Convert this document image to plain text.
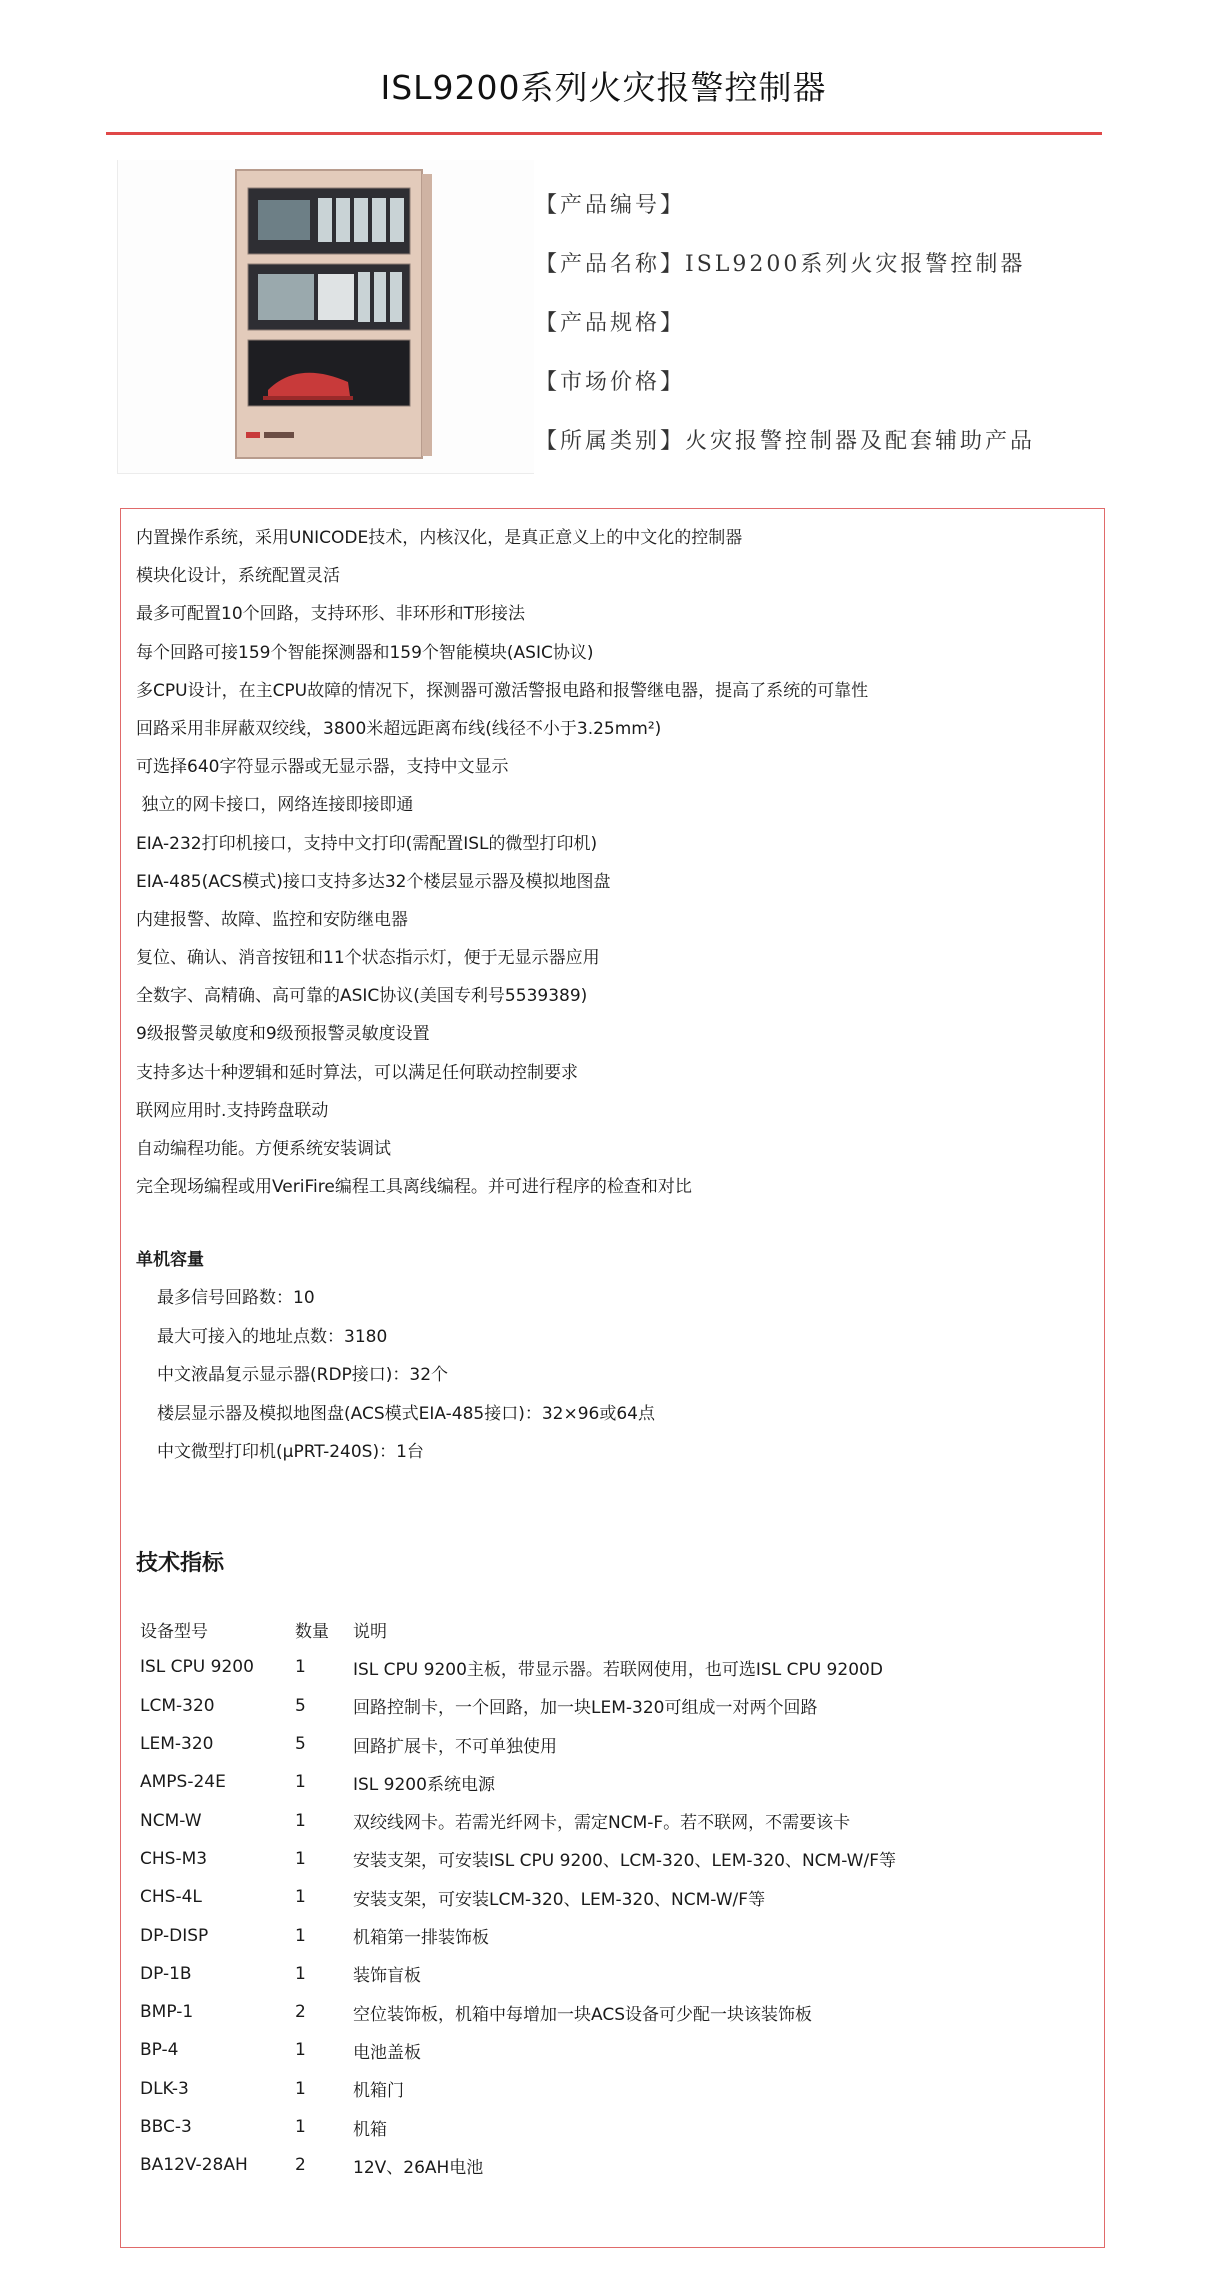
ISL9200系列火灾报警控制器
【产品编号】
【产品名称】ISL9200系列火灾报警控制器
【产品规格】
【市场价格】
【所属类别】火灾报警控制器及配套辅助产品
内置操作系统，采用UNICODE技术，内核汉化，是真正意义上的中文化的控制器
模块化设计，系统配置灵活
最多可配置10个回路，支持环形、非环形和T形接法
每个回路可接159个智能探测器和159个智能模块(ASIC协议)
多CPU设计，在主CPU故障的情况下，探测器可激活警报电路和报警继电器，提高了系统的可靠性
回路采用非屏蔽双绞线，3800米超远距离布线(线径不小于3.25mm²)
可选择640字符显示器或无显示器，支持中文显示
独立的网卡接口，网络连接即接即通
EIA-232打印机接口，支持中文打印(需配置ISL的微型打印机)
EIA-485(ACS模式)接口支持多达32个楼层显示器及模拟地图盘
内建报警、故障、监控和安防继电器
复位、确认、消音按钮和11个状态指示灯，便于无显示器应用
全数字、高精确、高可靠的ASIC协议(美国专利号5539389)
9级报警灵敏度和9级预报警灵敏度设置
支持多达十种逻辑和延时算法，可以满足任何联动控制要求
联网应用时.支持跨盘联动
自动编程功能。方便系统安装调试
完全现场编程或用VeriFire编程工具离线编程。并可进行程序的检查和对比
单机容量
最多信号回路数：10
最大可接入的地址点数：3180
中文液晶复示显示器(RDP接口)：32个
楼层显示器及模拟地图盘(ACS模式EIA-485接口)：32×96或64点
中文微型打印机(μPRT-240S)：1台
技术指标
设备型号	数量	说明
ISL CPU 9200	1	ISL CPU 9200主板，带显示器。若联网使用，也可选ISL CPU 9200D
LCM-320	5	回路控制卡，一个回路，加一块LEM-320可组成一对两个回路
LEM-320	5	回路扩展卡，不可单独使用
AMPS-24E	1	ISL 9200系统电源
NCM-W	1	双绞线网卡。若需光纤网卡，需定NCM-F。若不联网，不需要该卡
CHS-M3	1	安装支架，可安装ISL CPU 9200、LCM-320、LEM-320、NCM-W/F等
CHS-4L	1	安装支架，可安装LCM-320、LEM-320、NCM-W/F等
DP-DISP	1	机箱第一排装饰板
DP-1B	1	装饰盲板
BMP-1	2	空位装饰板，机箱中每增加一块ACS设备可少配一块该装饰板
BP-4	1	电池盖板
DLK-3	1	机箱门
BBC-3	1	机箱
BA12V-28AH	2	12V、26AH电池
